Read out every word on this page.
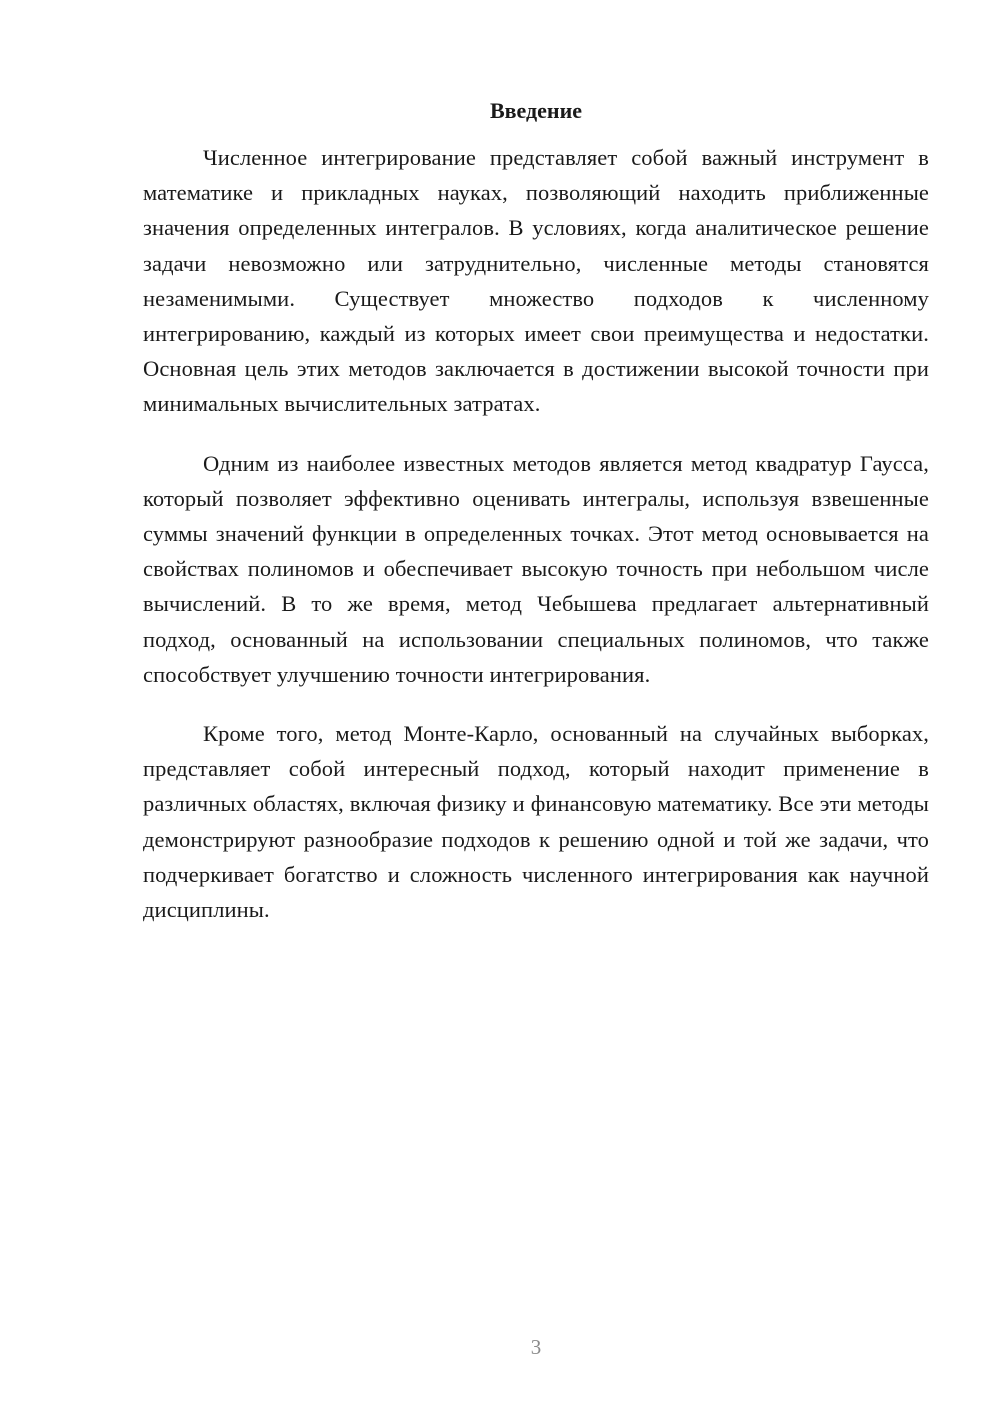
Введение

Численное интегрирование представляет собой важный инструмент в математике и прикладных науках, позволяющий находить приближенные значения определенных интегралов. В условиях, когда аналитическое решение задачи невозможно или затруднительно, численные методы становятся незаменимыми. Существует множество подходов к численному интегрированию, каждый из которых имеет свои преимущества и недостатки. Основная цель этих методов заключается в достижении высокой точности при минимальных вычислительных затратах.

Одним из наиболее известных методов является метод квадратур Гаусса, который позволяет эффективно оценивать интегралы, используя взвешенные суммы значений функции в определенных точках. Этот метод основывается на свойствах полиномов и обеспечивает высокую точность при небольшом числе вычислений. В то же время, метод Чебышева предлагает альтернативный подход, основанный на использовании специальных полиномов, что также способствует улучшению точности интегрирования.

Кроме того, метод Монте-Карло, основанный на случайных выборках, представляет собой интересный подход, который находит применение в различных областях, включая физику и финансовую математику. Все эти методы демонстрируют разнообразие подходов к решению одной и той же задачи, что подчеркивает богатство и сложность численного интегрирования как научной дисциплины.

3
